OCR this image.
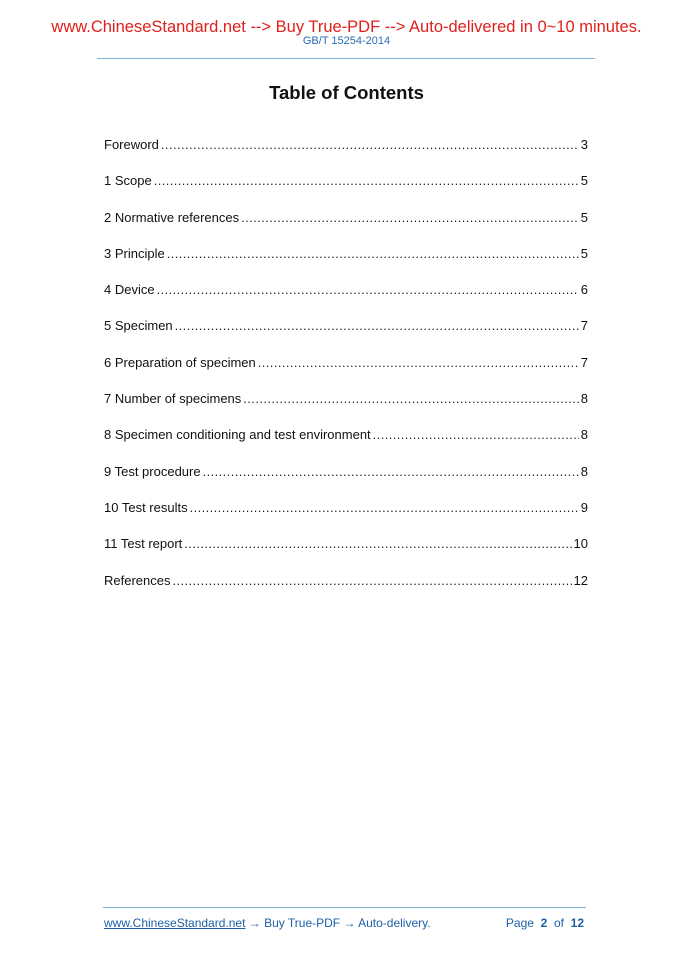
www.ChineseStandard.net --> Buy True-PDF --> Auto-delivered in 0~10 minutes.
GB/T 15254-2014
Table of Contents
Foreword .....	3
1 Scope .....	5
2 Normative references .....	5
3 Principle .....	5
4 Device .....	6
5 Specimen .....	7
6 Preparation of specimen .....	7
7 Number of specimens .....	8
8 Specimen conditioning and test environment .....	8
9 Test procedure .....	8
10 Test results .....	9
11 Test report .....	10
References .....	12
www.ChineseStandard.net → Buy True-PDF → Auto-delivery.	Page 2 of 12
